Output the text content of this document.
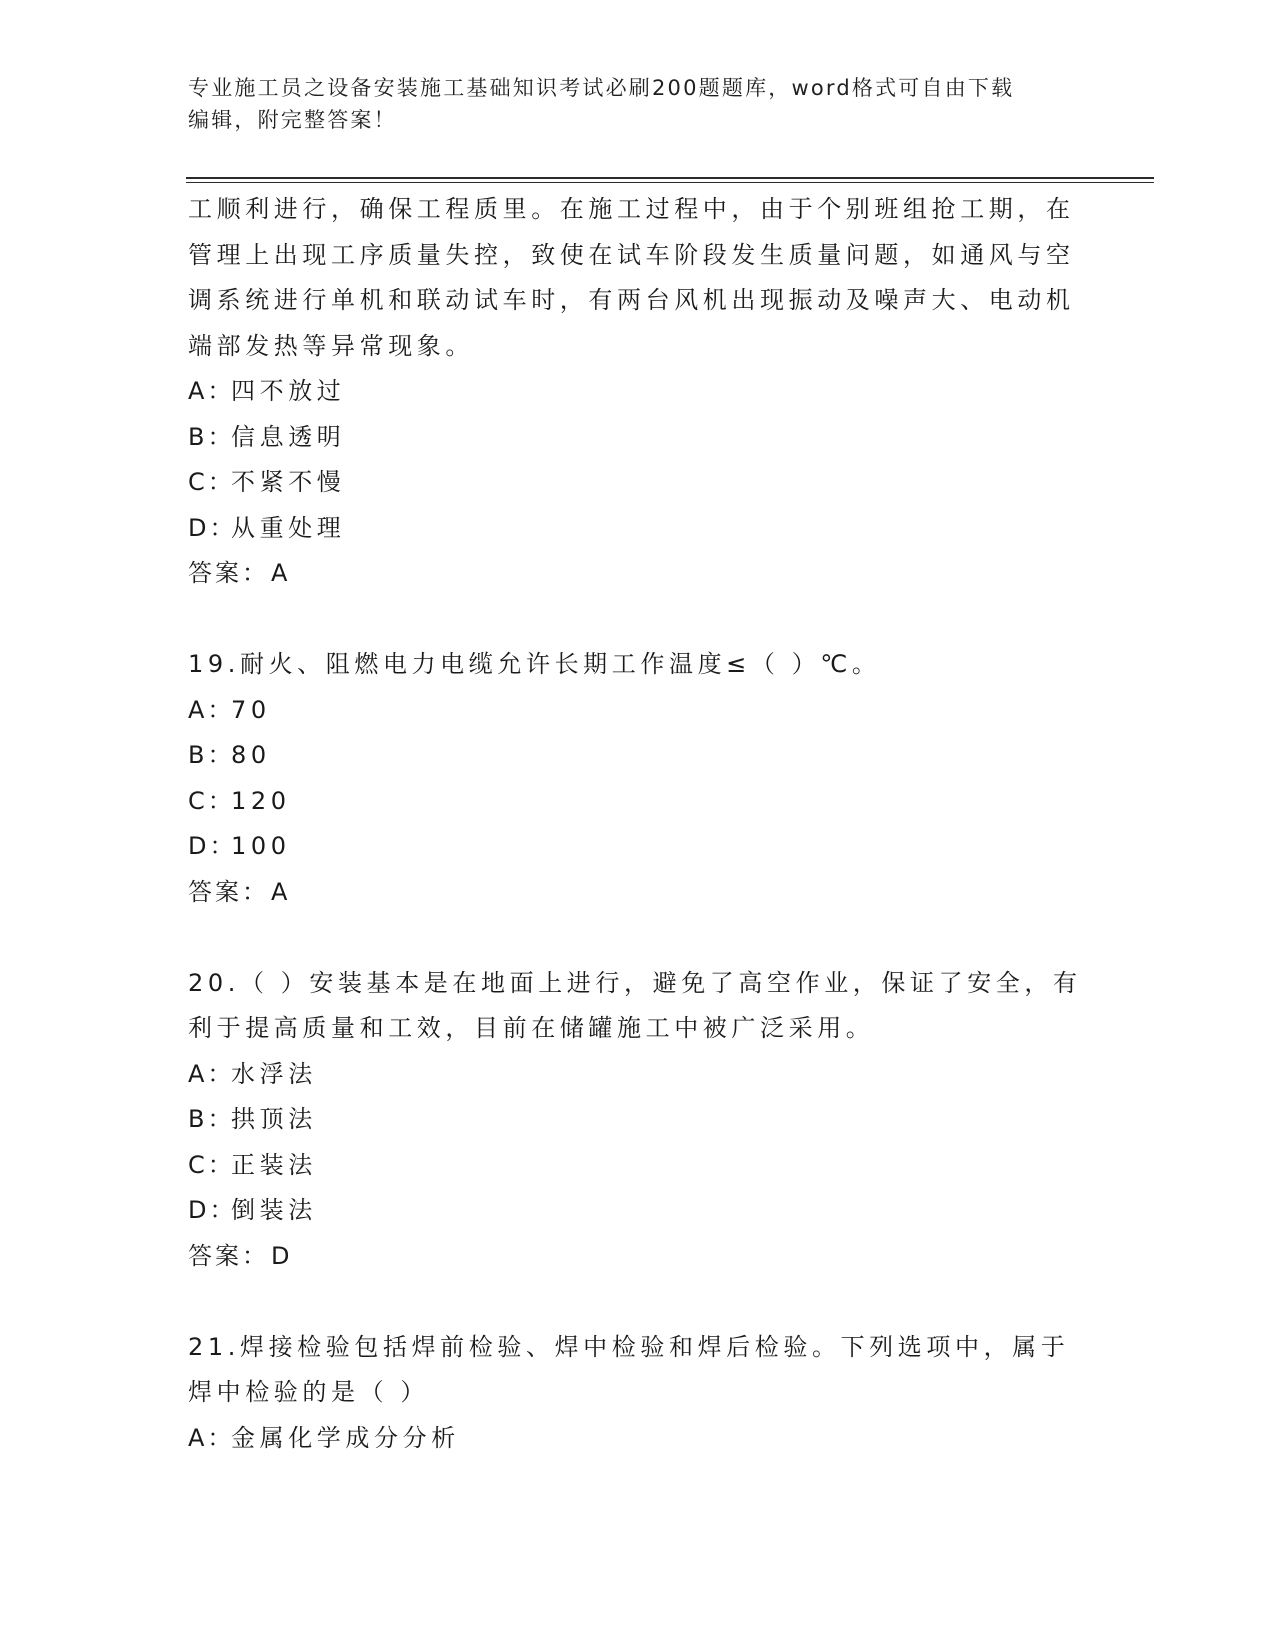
专业施工员之设备安装施工基础知识考试必刷200题题库，word格式可自由下载
编辑，附完整答案！

工顺利进行，确保工程质里。在施工过程中，由于个别班组抢工期，在管理上出现工序质量失控，致使在试车阶段发生质量问题，如通风与空调系统进行单机和联动试车时，有两台风机出现振动及噪声大、电动机端部发热等异常现象。

A：四不放过
B：信息透明
C：不紧不慢
D：从重处理
答案：A
19.耐火、阻燃电力电缆允许长期工作温度≤（ ）℃。
A：70
B：80
C：120
D：100
答案：A
20.（ ）安装基本是在地面上进行，避免了高空作业，保证了安全，有利于提高质量和工效，目前在储罐施工中被广泛采用。
A：水浮法
B：拱顶法
C：正装法
D：倒装法
答案：D
21.焊接检验包括焊前检验、焊中检验和焊后检验。下列选项中，属于焊中检验的是（ ）
A：金属化学成分分析
